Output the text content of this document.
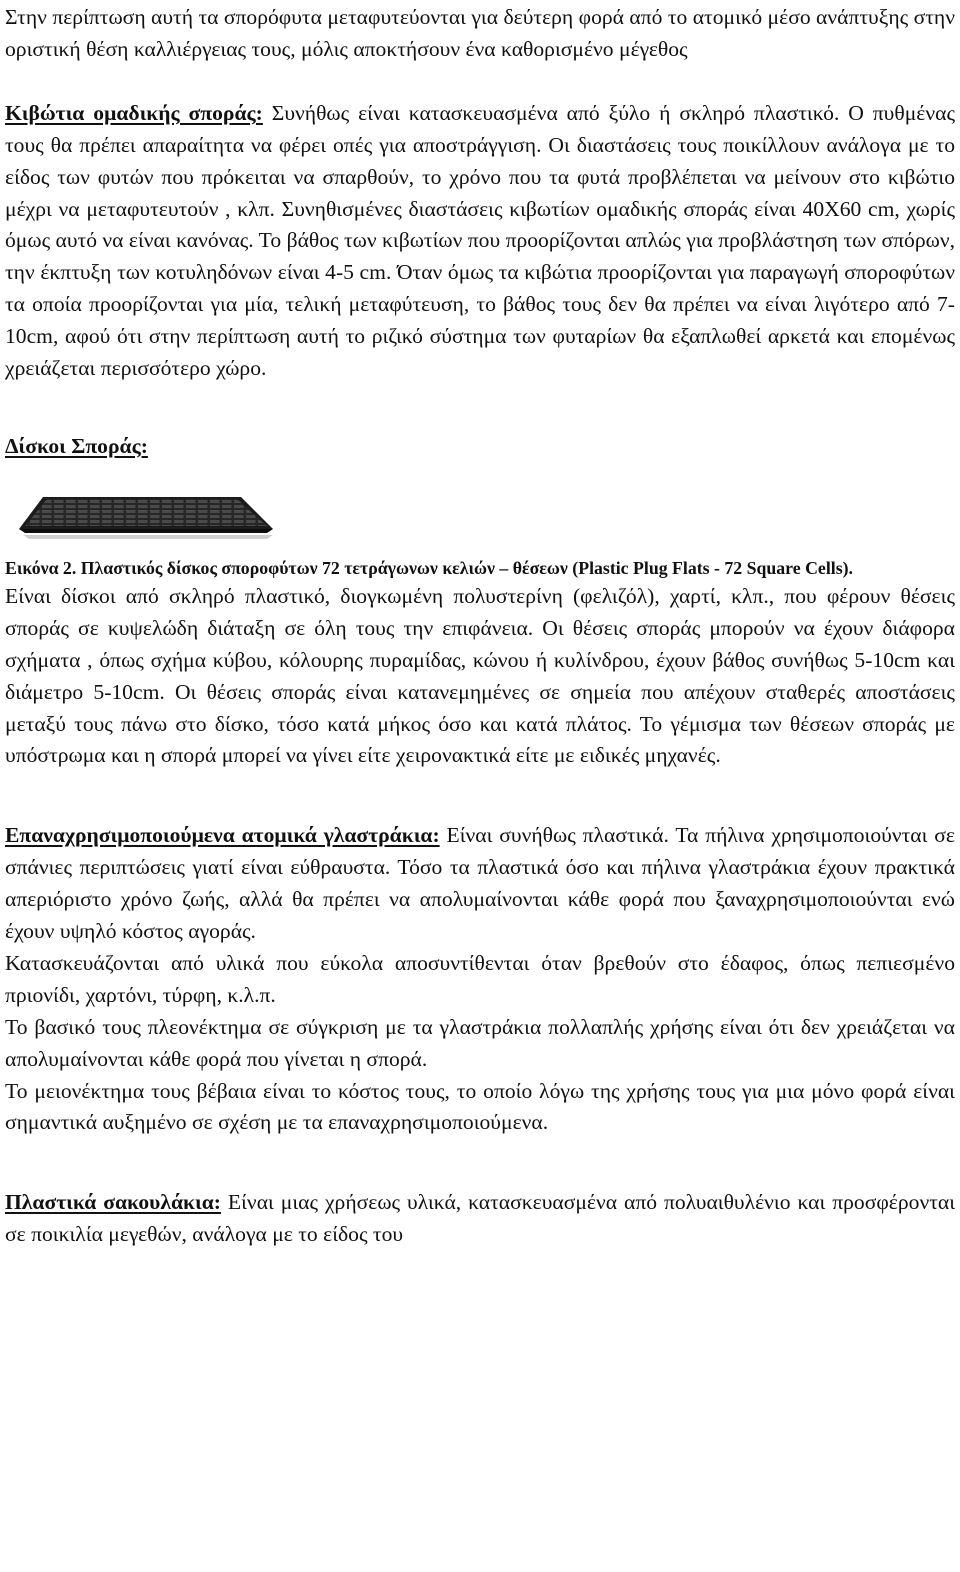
Στην περίπτωση αυτή τα σπορόφυτα μεταφυτεύονται για δεύτερη φορά από το ατομικό μέσο ανάπτυξης στην οριστική θέση καλλιέργειας τους, μόλις αποκτήσουν ένα καθορισμένο μέγεθος

Κιβώτια ομαδικής σποράς: Συνήθως είναι κατασκευασμένα από ξύλο ή σκληρό πλαστικό. Ο πυθμένας τους θα πρέπει απαραίτητα να φέρει οπές για αποστράγγιση. Οι διαστάσεις τους ποικίλλουν ανάλογα με το είδος των φυτών που πρόκειται να σπαρθούν, το χρόνο που τα φυτά προβλέπεται να μείνουν στο κιβώτιο μέχρι να μεταφυτευτούν , κλπ. Συνηθισμένες διαστάσεις κιβωτίων ομαδικής σποράς είναι 40Χ60 cm, χωρίς όμως αυτό να είναι κανόνας. Το βάθος των κιβωτίων που προορίζονται απλώς για προβλάστηση των σπόρων, την έκπτυξη των κοτυληδόνων είναι 4-5 cm. Όταν όμως τα κιβώτια προορίζονται για παραγωγή σποροφύτων τα οποία προορίζονται για μία, τελική μεταφύτευση, το βάθος τους δεν θα πρέπει να είναι λιγότερο από 7-10cm, αφού ότι στην περίπτωση αυτή το ριζικό σύστημα των φυταρίων θα εξαπλωθεί αρκετά και επομένως χρειάζεται περισσότερο χώρο.

Δίσκοι Σποράς:

Εικόνα 2. Πλαστικός δίσκος σποροφύτων 72 τετράγωνων κελιών – θέσεων (Plastic Plug Flats - 72 Square Cells).

Είναι δίσκοι από σκληρό πλαστικό, διογκωμένη πολυστερίνη (φελιζόλ), χαρτί, κλπ., που φέρουν θέσεις σποράς σε κυψελώδη διάταξη σε όλη τους την επιφάνεια. Οι θέσεις σποράς μπορούν να έχουν διάφορα σχήματα , όπως σχήμα κύβου, κόλουρης πυραμίδας, κώνου ή κυλίνδρου, έχουν βάθος συνήθως 5-10cm και διάμετρο 5-10cm. Οι θέσεις σποράς είναι κατανεμημένες σε σημεία που απέχουν σταθερές αποστάσεις μεταξύ τους πάνω στο δίσκο, τόσο κατά μήκος όσο και κατά πλάτος. Το γέμισμα των θέσεων σποράς με υπόστρωμα και η σπορά μπορεί να γίνει είτε χειρονακτικά είτε με ειδικές μηχανές.

Επαναχρησιμοποιούμενα ατομικά γλαστράκια: Είναι συνήθως πλαστικά. Τα πήλινα χρησιμοποιούνται σε σπάνιες περιπτώσεις γιατί είναι εύθραυστα. Τόσο τα πλαστικά όσο και πήλινα γλαστράκια έχουν πρακτικά απεριόριστο χρόνο ζωής, αλλά θα πρέπει να απολυμαίνονται κάθε φορά που ξαναχρησιμοποιούνται ενώ έχουν υψηλό κόστος αγοράς.

Κατασκευάζονται από υλικά που εύκολα αποσυντίθενται όταν βρεθούν στο έδαφος, όπως πεπιεσμένο πριονίδι, χαρτόνι, τύρφη, κ.λ.π.

Το βασικό τους πλεονέκτημα σε σύγκριση με τα γλαστράκια πολλαπλής χρήσης είναι ότι δεν χρειάζεται να απολυμαίνονται κάθε φορά που γίνεται η σπορά.

Το μειονέκτημα τους βέβαια είναι το κόστος τους, το οποίο λόγω της χρήσης τους για μια μόνο φορά είναι σημαντικά αυξημένο σε σχέση με τα επαναχρησιμοποιούμενα.

Πλαστικά σακουλάκια: Είναι μιας χρήσεως υλικά, κατασκευασμένα από πολυαιθυλένιο και προσφέρονται σε ποικιλία μεγεθών, ανάλογα με το είδος του
